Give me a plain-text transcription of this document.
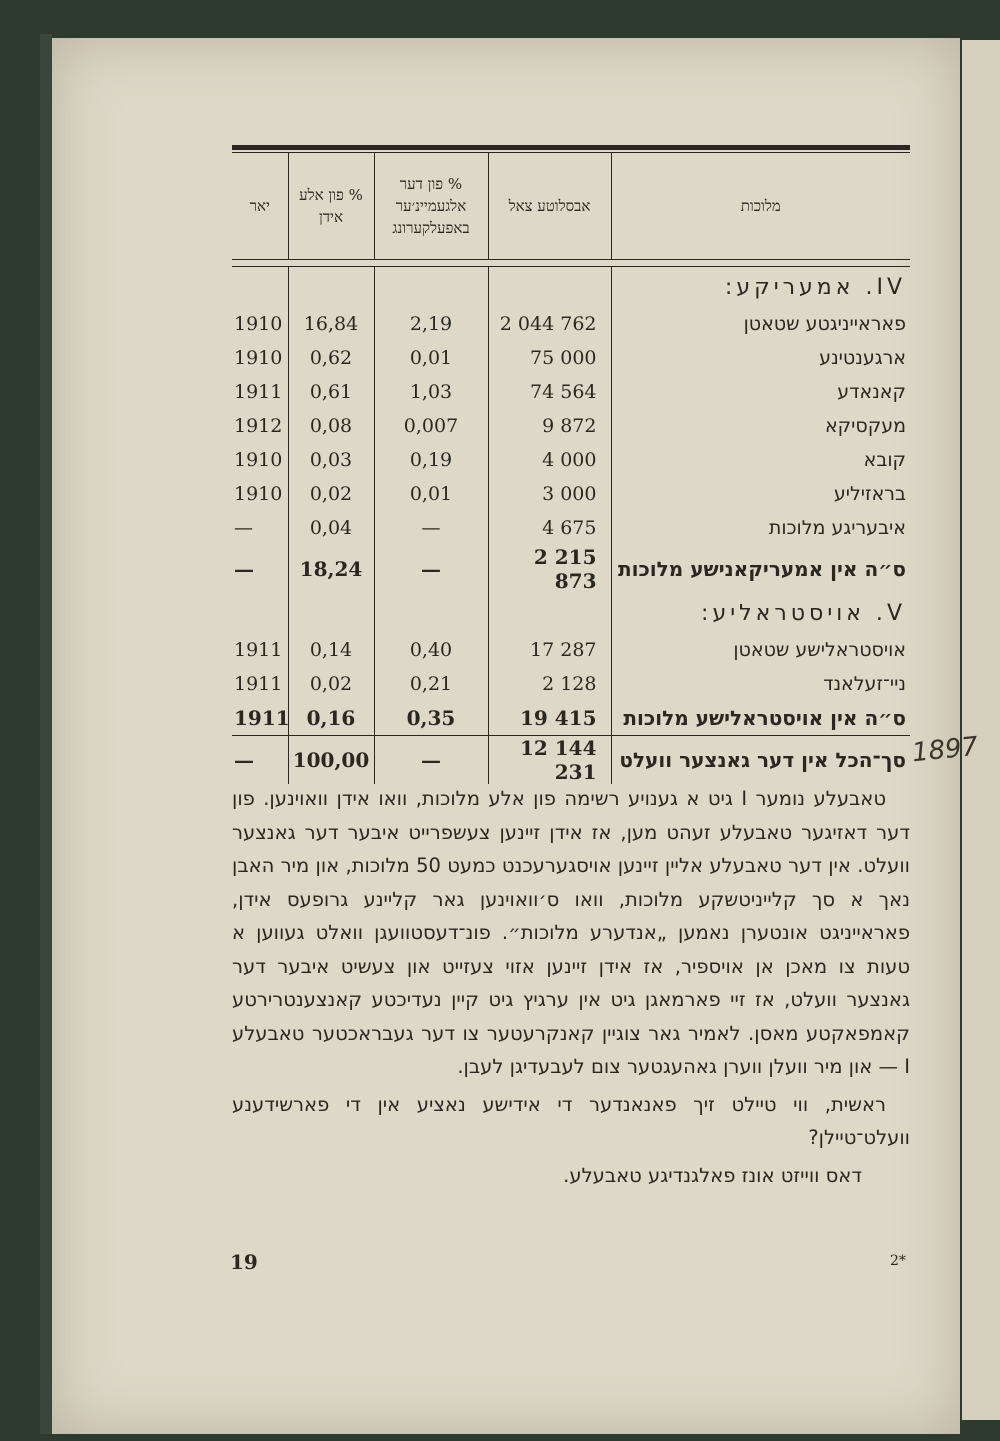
יאר	% פון אלע אידן	% פון דער אלגעמיינ׳ער באפעלקערונג	אבסלוטע צאל	מלוכות

				IV. אמעריקע:
1910	16,84	2,19	2 044 762	פאראייניגטע שטאטן
1910	0,62	0,01	75 000	ארגענטינע
1911	0,61	1,03	74 564	קאנאדע
1912	0,08	0,007	9 872	מעקסיקא
1910	0,03	0,19	4 000	קובא
1910	0,02	0,01	3 000	בראזיליע
—	0,04	—	4 675	איבעריגע מלוכות
—	18,24	—	2 215 873	ס״ה אין אמעריקאנישע מלוכות
				V. אויסטראליע:
1911	0,14	0,40	17 287	אויסטראלישע שטאטן
1911	0,02	0,21	2 128	ניי־זעלאנד
1911	0,16	0,35	19 415	ס״ה אין אויסטראלישע מלוכות
—	100,00	—	12 144 231	סך־הכל אין דער גאנצער וועלט 1897

טאבעלע נומער I גיט א גענויע רשימה פון אלע מלוכות, וואו אידן וואוינען. פון דער דאזיגער טאבעלע זעהט מען, אז אידן זיינען צעשפרייט איבער דער גאנצער וועלט. אין דער טאבעלע אליין זיינען אויסגערעכנט כמעט 50 מלוכות, און מיר האבן נאך א סך קלייניטשקע מלוכות, וואו ס׳וואוינען גאר קליינע גרופעס אידן, פאראייניגט אונטערן נאמען „אנדערע מלוכות״. פונ־דעסטוועגן וואלט געווען א טעות צו מאכן אן אויספיר, אז אידן זיינען אזוי צעזייט און צעשיט איבער דער גאנצער וועלט, אז זיי פארמאגן גיט אין ערגיץ גיט קיין נעדיכטע קאנצענטרירטע קאמפאקטע מאסן. לאמיר גאר צוגיין קאנקרעטער צו דער געבראכטער טאבעלע I — און מיר וועלן ווערן גאהעגטער צום לעבעדיגן לעבן.

ראשית, ווי טיילט זיך פאנאנדער די אידישע נאציע אין די פארשידענע וועלט־טיילן?

דאס ווייזט אונז פאלגנדיגע טאבעלע.

19	2*
